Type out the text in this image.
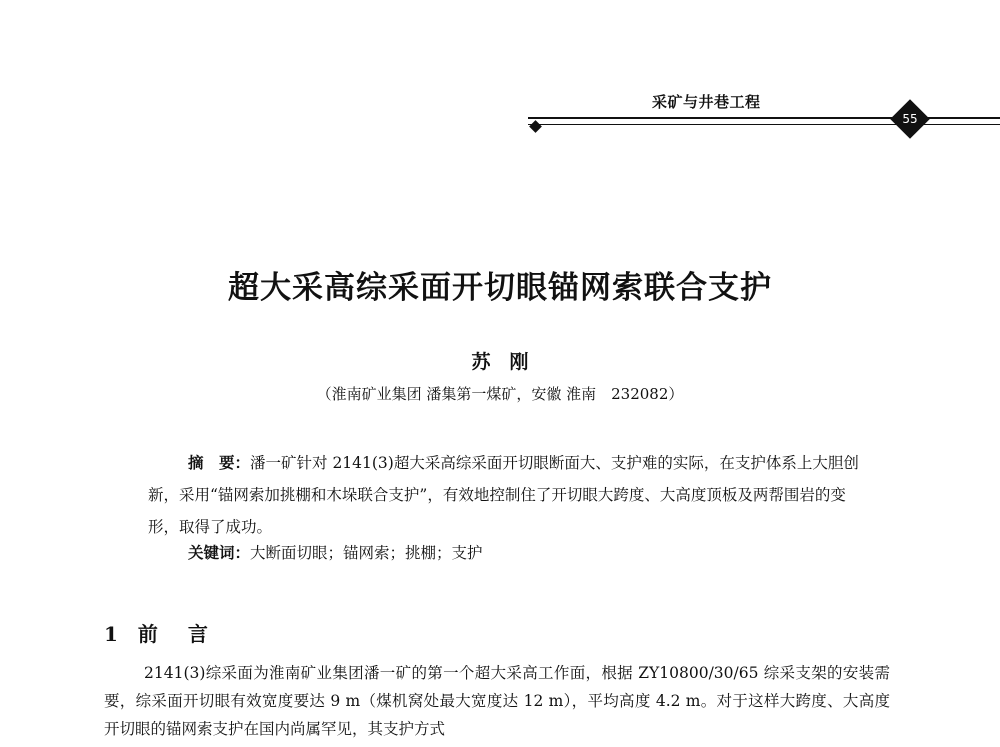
采矿与井巷工程
55
超大采高综采面开切眼锚网索联合支护
苏　刚
（淮南矿业集团 潘集第一煤矿，安徽 淮南　232082）
摘　要：潘一矿针对 2141(3)超大采高综采面开切眼断面大、支护难的实际，在支护体系上大胆创新，采用“锚网索加挑棚和木垛联合支护”，有效地控制住了开切眼大跨度、大高度顶板及两帮围岩的变形，取得了成功。
关键词：大断面切眼；锚网索；挑棚；支护
1 前言
2141(3)综采面为淮南矿业集团潘一矿的第一个超大采高工作面，根据 ZY10800/30/65 综采支架的安装需要，综采面开切眼有效宽度要达 9 m（煤机窝处最大宽度达 12 m），平均高度 4.2 m。对于这样大跨度、大高度开切眼的锚网索支护在国内尚属罕见，其支护方式
